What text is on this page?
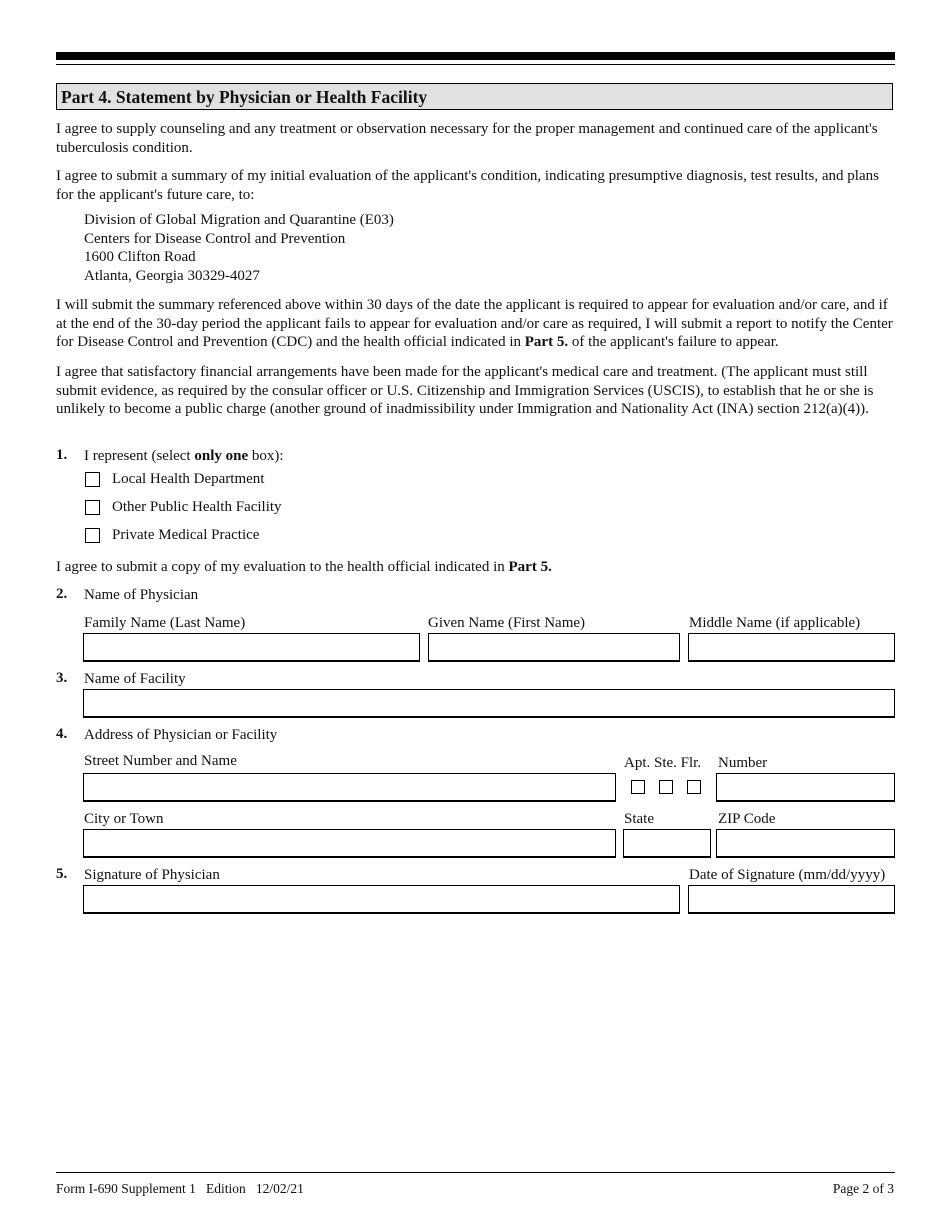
Part 4. Statement by Physician or Health Facility
I agree to supply counseling and any treatment or observation necessary for the proper management and continued care of the applicant's tuberculosis condition.
I agree to submit a summary of my initial evaluation of the applicant's condition, indicating presumptive diagnosis, test results, and plans for the applicant's future care, to:
Division of Global Migration and Quarantine (E03)
Centers for Disease Control and Prevention
1600 Clifton Road
Atlanta, Georgia 30329-4027
I will submit the summary referenced above within 30 days of the date the applicant is required to appear for evaluation and/or care, and if at the end of the 30-day period the applicant fails to appear for evaluation and/or care as required, I will submit a report to notify the Center for Disease Control and Prevention (CDC) and the health official indicated in Part 5. of the applicant's failure to appear.
I agree that satisfactory financial arrangements have been made for the applicant's medical care and treatment. (The applicant must still submit evidence, as required by the consular officer or U.S. Citizenship and Immigration Services (USCIS), to establish that he or she is unlikely to become a public charge (another ground of inadmissibility under Immigration and Nationality Act (INA) section 212(a)(4)).
1. I represent (select only one box):
Local Health Department
Other Public Health Facility
Private Medical Practice
I agree to submit a copy of my evaluation to the health official indicated in Part 5.
2. Name of Physician
Family Name (Last Name)	Given Name (First Name)	Middle Name (if applicable)
3. Name of Facility
4. Address of Physician or Facility
Street Number and Name	Apt. Ste. Flr. Number
City or Town	State	ZIP Code
5. Signature of Physician	Date of Signature (mm/dd/yyyy)
Form I-690 Supplement 1   Edition   12/02/21	Page 2 of 3
